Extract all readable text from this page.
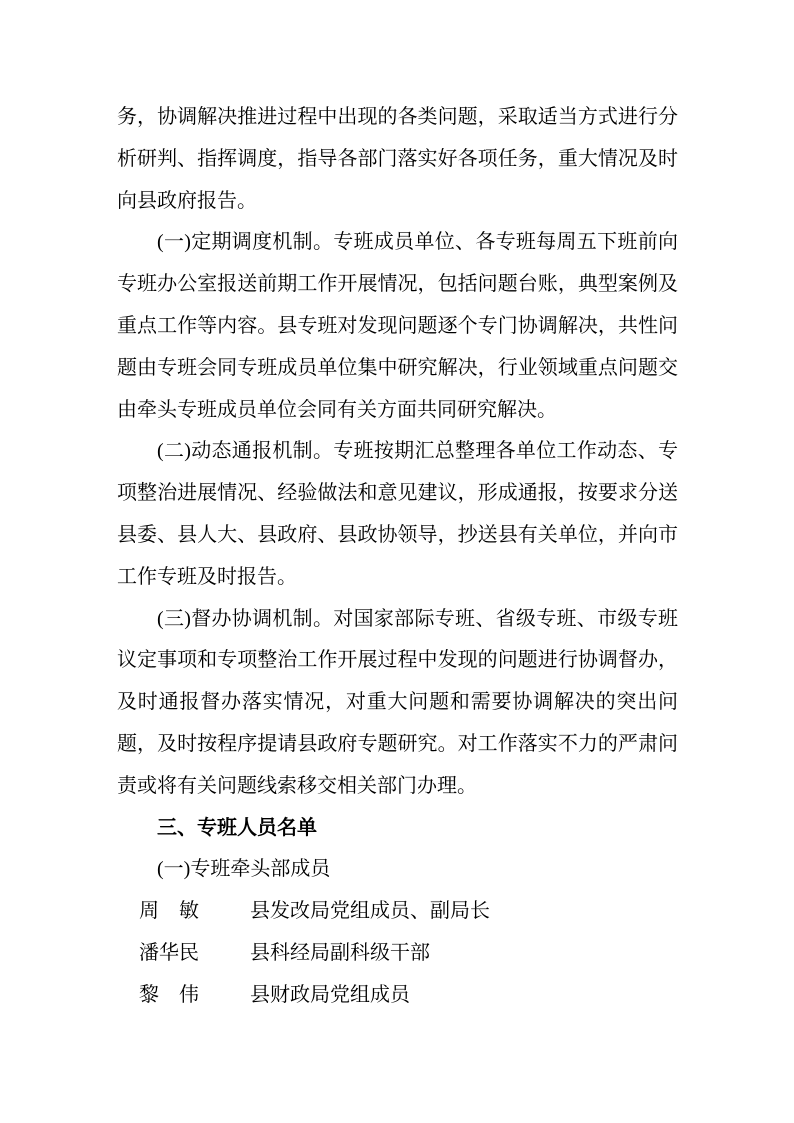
务，协调解决推进过程中出现的各类问题，采取适当方式进行分析研判、指挥调度，指导各部门落实好各项任务，重大情况及时向县政府报告。

(一)定期调度机制。专班成员单位、各专班每周五下班前向专班办公室报送前期工作开展情况，包括问题台账，典型案例及重点工作等内容。县专班对发现问题逐个专门协调解决，共性问题由专班会同专班成员单位集中研究解决，行业领域重点问题交由牵头专班成员单位会同有关方面共同研究解决。

(二)动态通报机制。专班按期汇总整理各单位工作动态、专项整治进展情况、经验做法和意见建议，形成通报，按要求分送县委、县人大、县政府、县政协领导，抄送县有关单位，并向市工作专班及时报告。

(三)督办协调机制。对国家部际专班、省级专班、市级专班议定事项和专项整治工作开展过程中发现的问题进行协调督办，及时通报督办落实情况，对重大问题和需要协调解决的突出问题，及时按程序提请县政府专题研究。对工作落实不力的严肃问责或将有关问题线索移交相关部门办理。

三、专班人员名单
(一)专班牵头部成员
周　敏	县发改局党组成员、副局长
潘华民	县科经局副科级干部
黎　伟	县财政局党组成员
